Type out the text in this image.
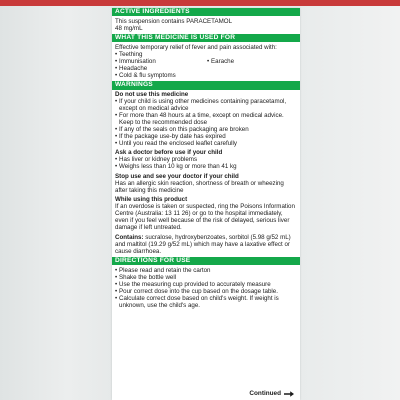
ACTIVE INGREDIENTS

This suspension contains PARACETAMOL

48 mg/mL

WHAT THIS MEDICINE IS USED FOR

Effective temporary relief of fever and pain associated with:

• Teething
• Immunisation
•	Earache
• Headache
• Cold & flu symptoms
WARNINGS

Do not use this medicine

• If your child is using other medicines containing paracetamol, except on medical advice
• For more than 48 hours at a time, except on medical advice. Keep to the recommended dose
• If any of the seals on this packaging are broken
• If the package use-by date has expired
• Until you read the enclosed leaflet carefully

Ask a doctor before use if your child

• Has liver or kidney problems
• Weighs less than 10 kg or more than 41 kg

Stop use and see your doctor if your child

Has an allergic skin reaction, shortness of breath or wheezing after taking this medicine

While using this product

If an overdose is taken or suspected, ring the Poisons Information Centre (Australia: 13 11 26) or go to the hospital immediately, even if you feel well because of the risk of delayed, serious liver damage if left untreated.

Contains: sucralose, hydroxybenzoates, sorbitol (5.98 g/52 mL) and maltitol (19.29 g/52 mL) which may have a laxative effect or cause diarrhoea.

DIRECTIONS FOR USE
• Please read and retain the carton
• Shake the bottle well
• Use the measuring cup provided to accurately measure
• Pour correct dose into the cup based on the dosage table.
• Calculate correct dose based on child's weight. If weight is unknown, use the child's age.
Continued
